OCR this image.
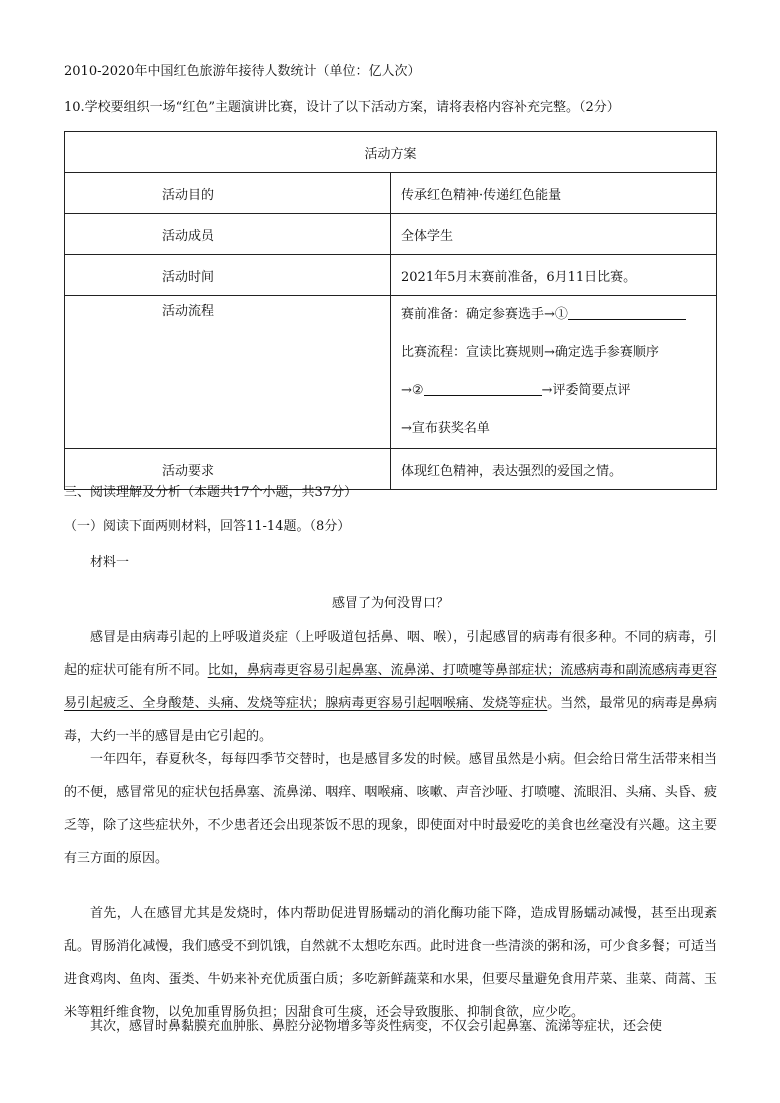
2010-2020年中国红色旅游年接待人数统计（单位：亿人次）
10.学校要组织一场“红色”主题演讲比赛，设计了以下活动方案，请将表格内容补充完整。（2分）
活动方案	
活动目的	传承红色精神·传递红色能量
活动成员	全体学生
活动时间	2021年5月末赛前准备，6月11日比赛。
活动流程	赛前准备：确定参赛选手→①
比赛流程：宣读比赛规则→确定选手参赛顺序
→② →评委简要点评
→宣布获奖名单

活动要求	体现红色精神，表达强烈的爱国之情。
三、阅读理解及分析（本题共17个小题，共37分）
（一）阅读下面两则材料，回答11-14题。（8分）
材料一
感冒了为何没胃口？
感冒是由病毒引起的上呼吸道炎症（上呼吸道包括鼻、咽、喉），引起感冒的病毒有很多种。不同的病毒，引起的症状可能有所不同。比如，鼻病毒更容易引起鼻塞、流鼻涕、打喷嚏等鼻部症状；流感病毒和副流感病毒更容易引起疲乏、全身酸楚、头痛、发烧等症状；腺病毒更容易引起咽喉痛、发烧等症状。当然，最常见的病毒是鼻病毒，大约一半的感冒是由它引起的。
一年四年，春夏秋冬，每每四季节交替时，也是感冒多发的时候。感冒虽然是小病。但会给日常生活带来相当的不便，感冒常见的症状包括鼻塞、流鼻涕、咽痒、咽喉痛、咳嗽、声音沙哑、打喷嚏、流眼泪、头痛、头昏、疲乏等，除了这些症状外，不少患者还会出现茶饭不思的现象，即使面对中时最爱吃的美食也丝毫没有兴趣。这主要有三方面的原因。
首先，人在感冒尤其是发烧时，体内帮助促进胃肠蠕动的消化酶功能下降，造成胃肠蠕动减慢，甚至出现紊乱。胃肠消化减慢，我们感受不到饥饿，自然就不太想吃东西。此时进食一些清淡的粥和汤，可少食多餐；可适当进食鸡肉、鱼肉、蛋类、牛奶来补充优质蛋白质；多吃新鲜蔬菜和水果，但要尽量避免食用芹菜、韭菜、茼蒿、玉米等粗纤维食物，以免加重胃肠负担；因甜食可生痰，还会导致腹胀、抑制食欲，应少吃。
其次，感冒时鼻黏膜充血肿胀、鼻腔分泌物增多等炎性病变，不仅会引起鼻塞、流涕等症状，还会使
